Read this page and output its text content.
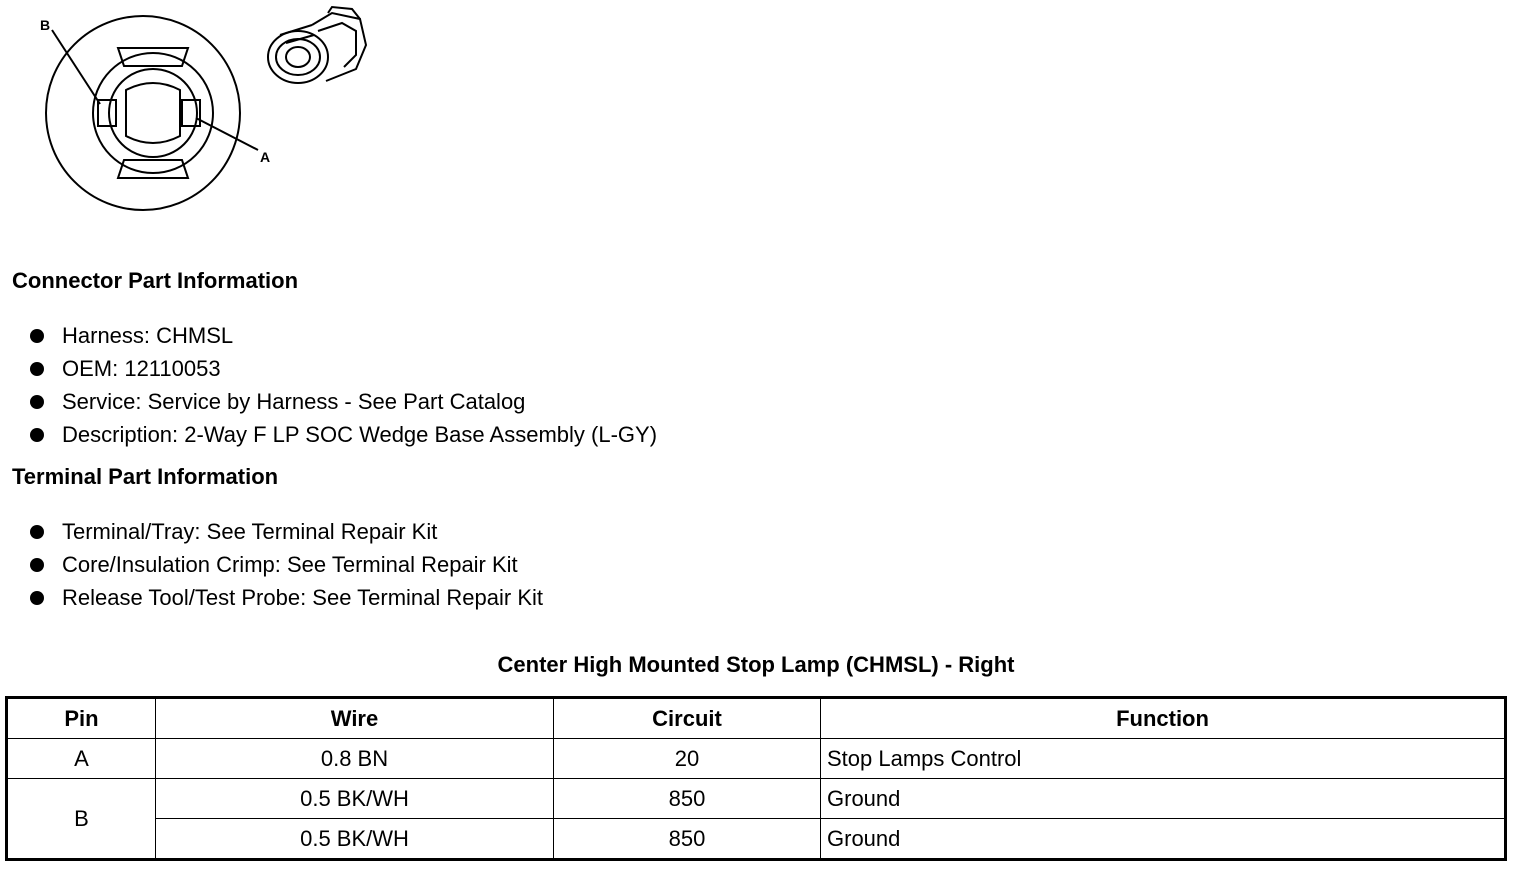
B
A
Connector Part Information
Harness: CHMSL
OEM: 12110053
Service: Service by Harness - See Part Catalog
Description: 2-Way F LP SOC Wedge Base Assembly (L-GY)
Terminal Part Information
Terminal/Tray: See Terminal Repair Kit
Core/Insulation Crimp: See Terminal Repair Kit
Release Tool/Test Probe: See Terminal Repair Kit
Center High Mounted Stop Lamp (CHMSL) - Right
Pin	Wire	Circuit	Function
A	0.8 BN	20	Stop Lamps Control
B	0.5 BK/WH	850	Ground
	0.5 BK/WH	850	Ground
